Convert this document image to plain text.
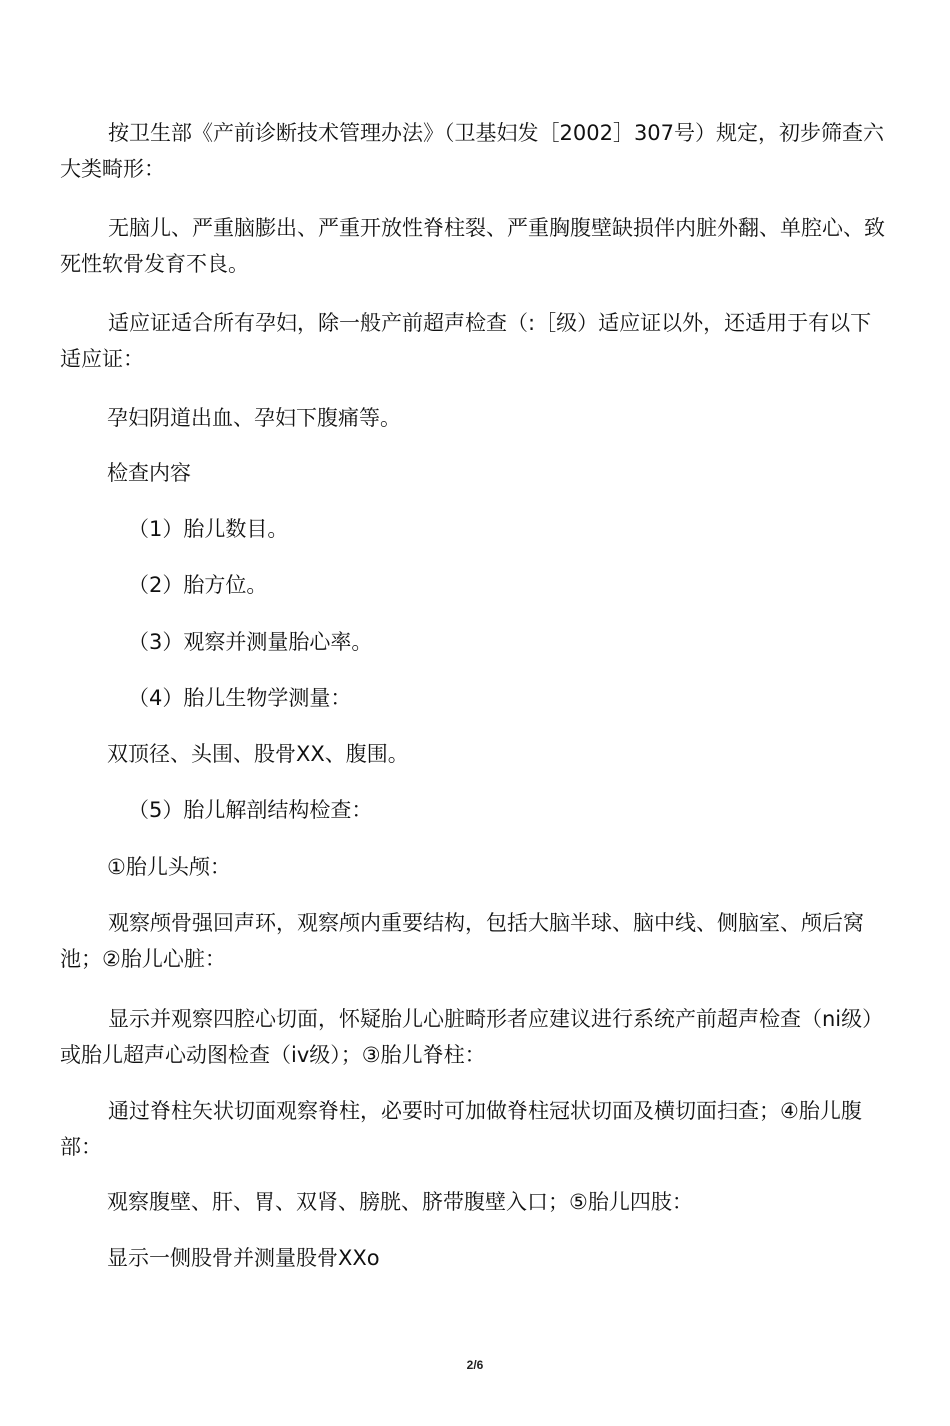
按卫生部《产前诊断技术管理办法》（卫基妇发［2002］307号）规定，初步筛查六大类畸形：

无脑儿、严重脑膨出、严重开放性脊柱裂、严重胸腹壁缺损伴内脏外翻、单腔心、致死性软骨发育不良。

适应证适合所有孕妇，除一般产前超声检查（:［级）适应证以外，还适用于有以下适应证：

孕妇阴道出血、孕妇下腹痛等。

检查内容

（1）胎儿数目。

（2）胎方位。

（3）观察并测量胎心率。

（4）胎儿生物学测量：

双顶径、头围、股骨XX、腹围。

（5）胎儿解剖结构检查：

①胎儿头颅：

观察颅骨强回声环，观察颅内重要结构，包括大脑半球、脑中线、侧脑室、颅后窝池；②胎儿心脏：

显示并观察四腔心切面，怀疑胎儿心脏畸形者应建议进行系统产前超声检查（ni级）或胎儿超声心动图检查（iv级）；③胎儿脊柱：

通过脊柱矢状切面观察脊柱，必要时可加做脊柱冠状切面及横切面扫查；④胎儿腹部：

观察腹壁、肝、胃、双肾、膀胱、脐带腹壁入口；⑤胎儿四肢：

显示一侧股骨并测量股骨XXo

2/6
